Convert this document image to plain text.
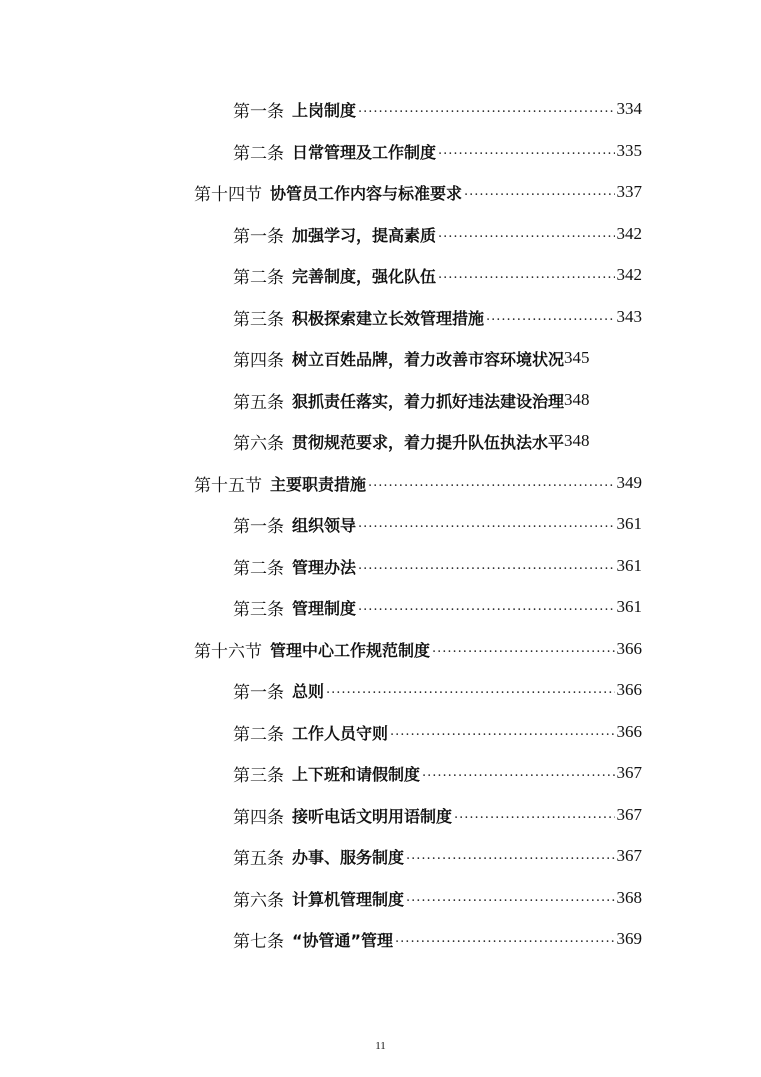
第一条 上岗制度 .....	334
第二条 日常管理及工作制度 .....	335
第十四节 协管员工作内容与标准要求 .....	337
第一条 加强学习，提高素质 .....	342
第二条 完善制度，强化队伍 .....	342
第三条 积极探索建立长效管理措施 .....	343
第四条 树立百姓品牌，着力改善市容环境状况 345
第五条 狠抓责任落实，着力抓好违法建设治理 348
第六条 贯彻规范要求，着力提升队伍执法水平 348
第十五节 主要职责措施 .....	349
第一条 组织领导 .....	361
第二条 管理办法 .....	361
第三条 管理制度 .....	361
第十六节 管理中心工作规范制度 .....	366
第一条 总则 .....	366
第二条 工作人员守则 .....	366
第三条 上下班和请假制度 .....	367
第四条 接听电话文明用语制度 .....	367
第五条 办事、服务制度 .....	367
第六条 计算机管理制度 .....	368
第七条 “协管通”管理 .....	369
11
